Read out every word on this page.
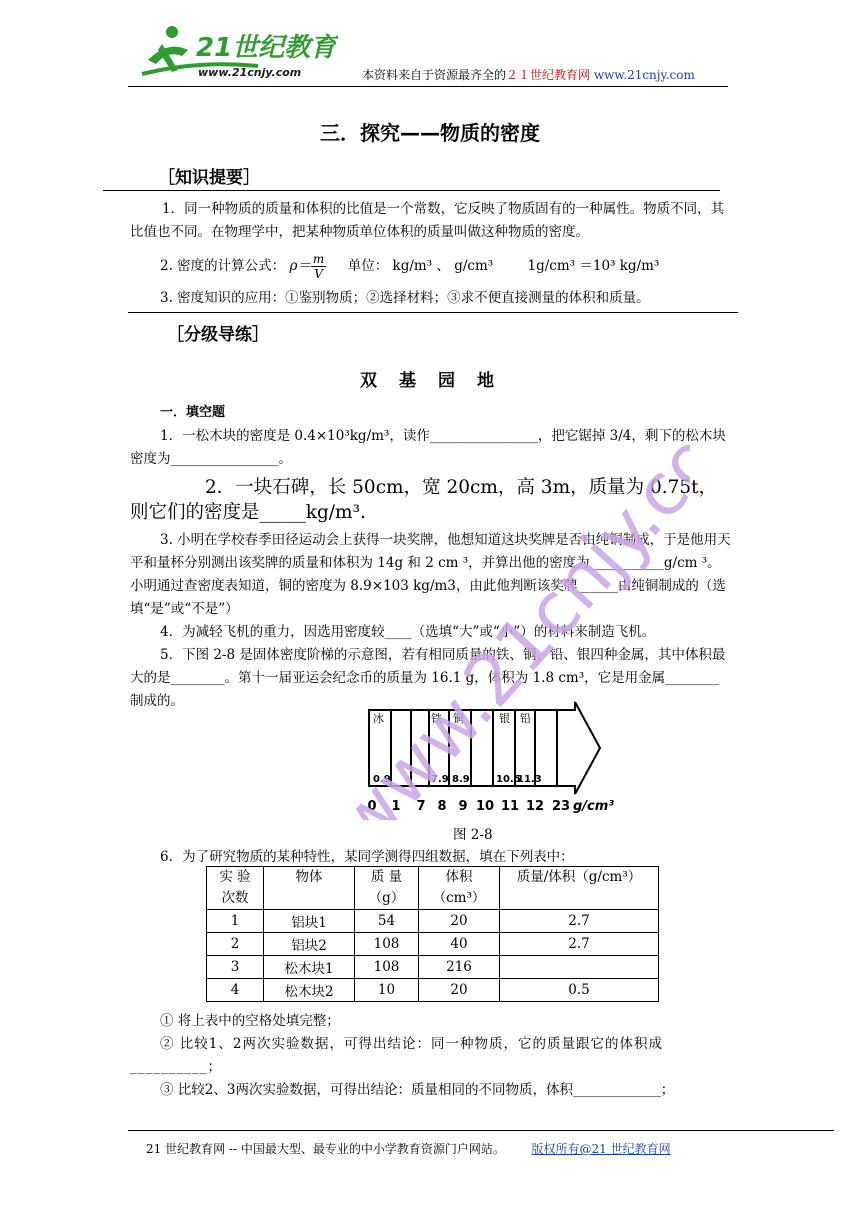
21世纪教育
www.21cnjy.com	本资料来自于资源最齐全的２１世纪教育网 www.21cnjy.com
三．探究——物质的密度
［知识提要］
1．同一种物质的质量和体积的比值是一个常数，它反映了物质固有的一种属性。物质不同，其比值也不同。在物理学中，把某种物质单位体积的质量叫做这种物质的密度。
2. 密度的计算公式： $\rho= \frac{m}{V}$ 单位： kg/m³ 、 g/cm³	1g/cm³ ＝10³ kg/m³
3. 密度知识的应用：①鉴别物质；②选择材料；③求不便直接测量的体积和质量。
［分级导练］
双基园地
一．填空题
1．一松木块的密度是 0.4×10³kg/m³，读作________________，把它锯掉 3/4，剩下的松木块密度为________________。
2．一块石碑，长 50cm，宽 20cm，高 3m，质量为 0.75t，则它们的密度是_____kg/m³.
3. 小明在学校春季田径运动会上获得一块奖牌，他想知道这块奖牌是否由纯铜制成，于是他用天平和量杯分别测出该奖牌的质量和体积为 14g 和 2 cm ³，并算出他的密度为___________g/cm ³。小明通过查密度表知道，铜的密度为 8.9×103 kg/m3，由此他判断该奖牌______由纯铜制成的（选填“是”或“不是”）
4．为减轻飞机的重力，因选用密度较____（选填“大”或“小”）的材料来制造飞机。
5．下图 2-8 是固体密度阶梯的示意图，若有相同质量的铁、铜、铅、银四种金属，其中体积最大的是________。第十一届亚运会纪念币的质量为 16.1 g，体积为 1.8 cm³，它是用金属________制成的。
冰	铁 铜	银 铅
0.9	7.9 8.9	10.5
11.3
0 1 7 8 9 10 11 12 23 g/cm³
图 2-8
6．为了研究物质的某种特性，某同学测得四组数据，填在下列表中：
实 验
次数	物体	质 量
（g）	体积
（cm³）	质量/体积（g/cm³）
1	铝块1	54	20	2.7
2	铝块2	108	40	2.7
3	松木块1	108	216	
4	松木块2	10	20	0.5
① 将上表中的空格处填完整；
② 比较1、2两次实验数据，可得出结论：同一种物质，它的质量跟它的体积成__________；
③ 比较2、3两次实验数据，可得出结论：质量相同的不同物质，体积_____________；
21 世纪教育网 -- 中国最大型、最专业的中小学教育资源门户网站。 版权所有@21 世纪教育网
www.21cnjy.com
